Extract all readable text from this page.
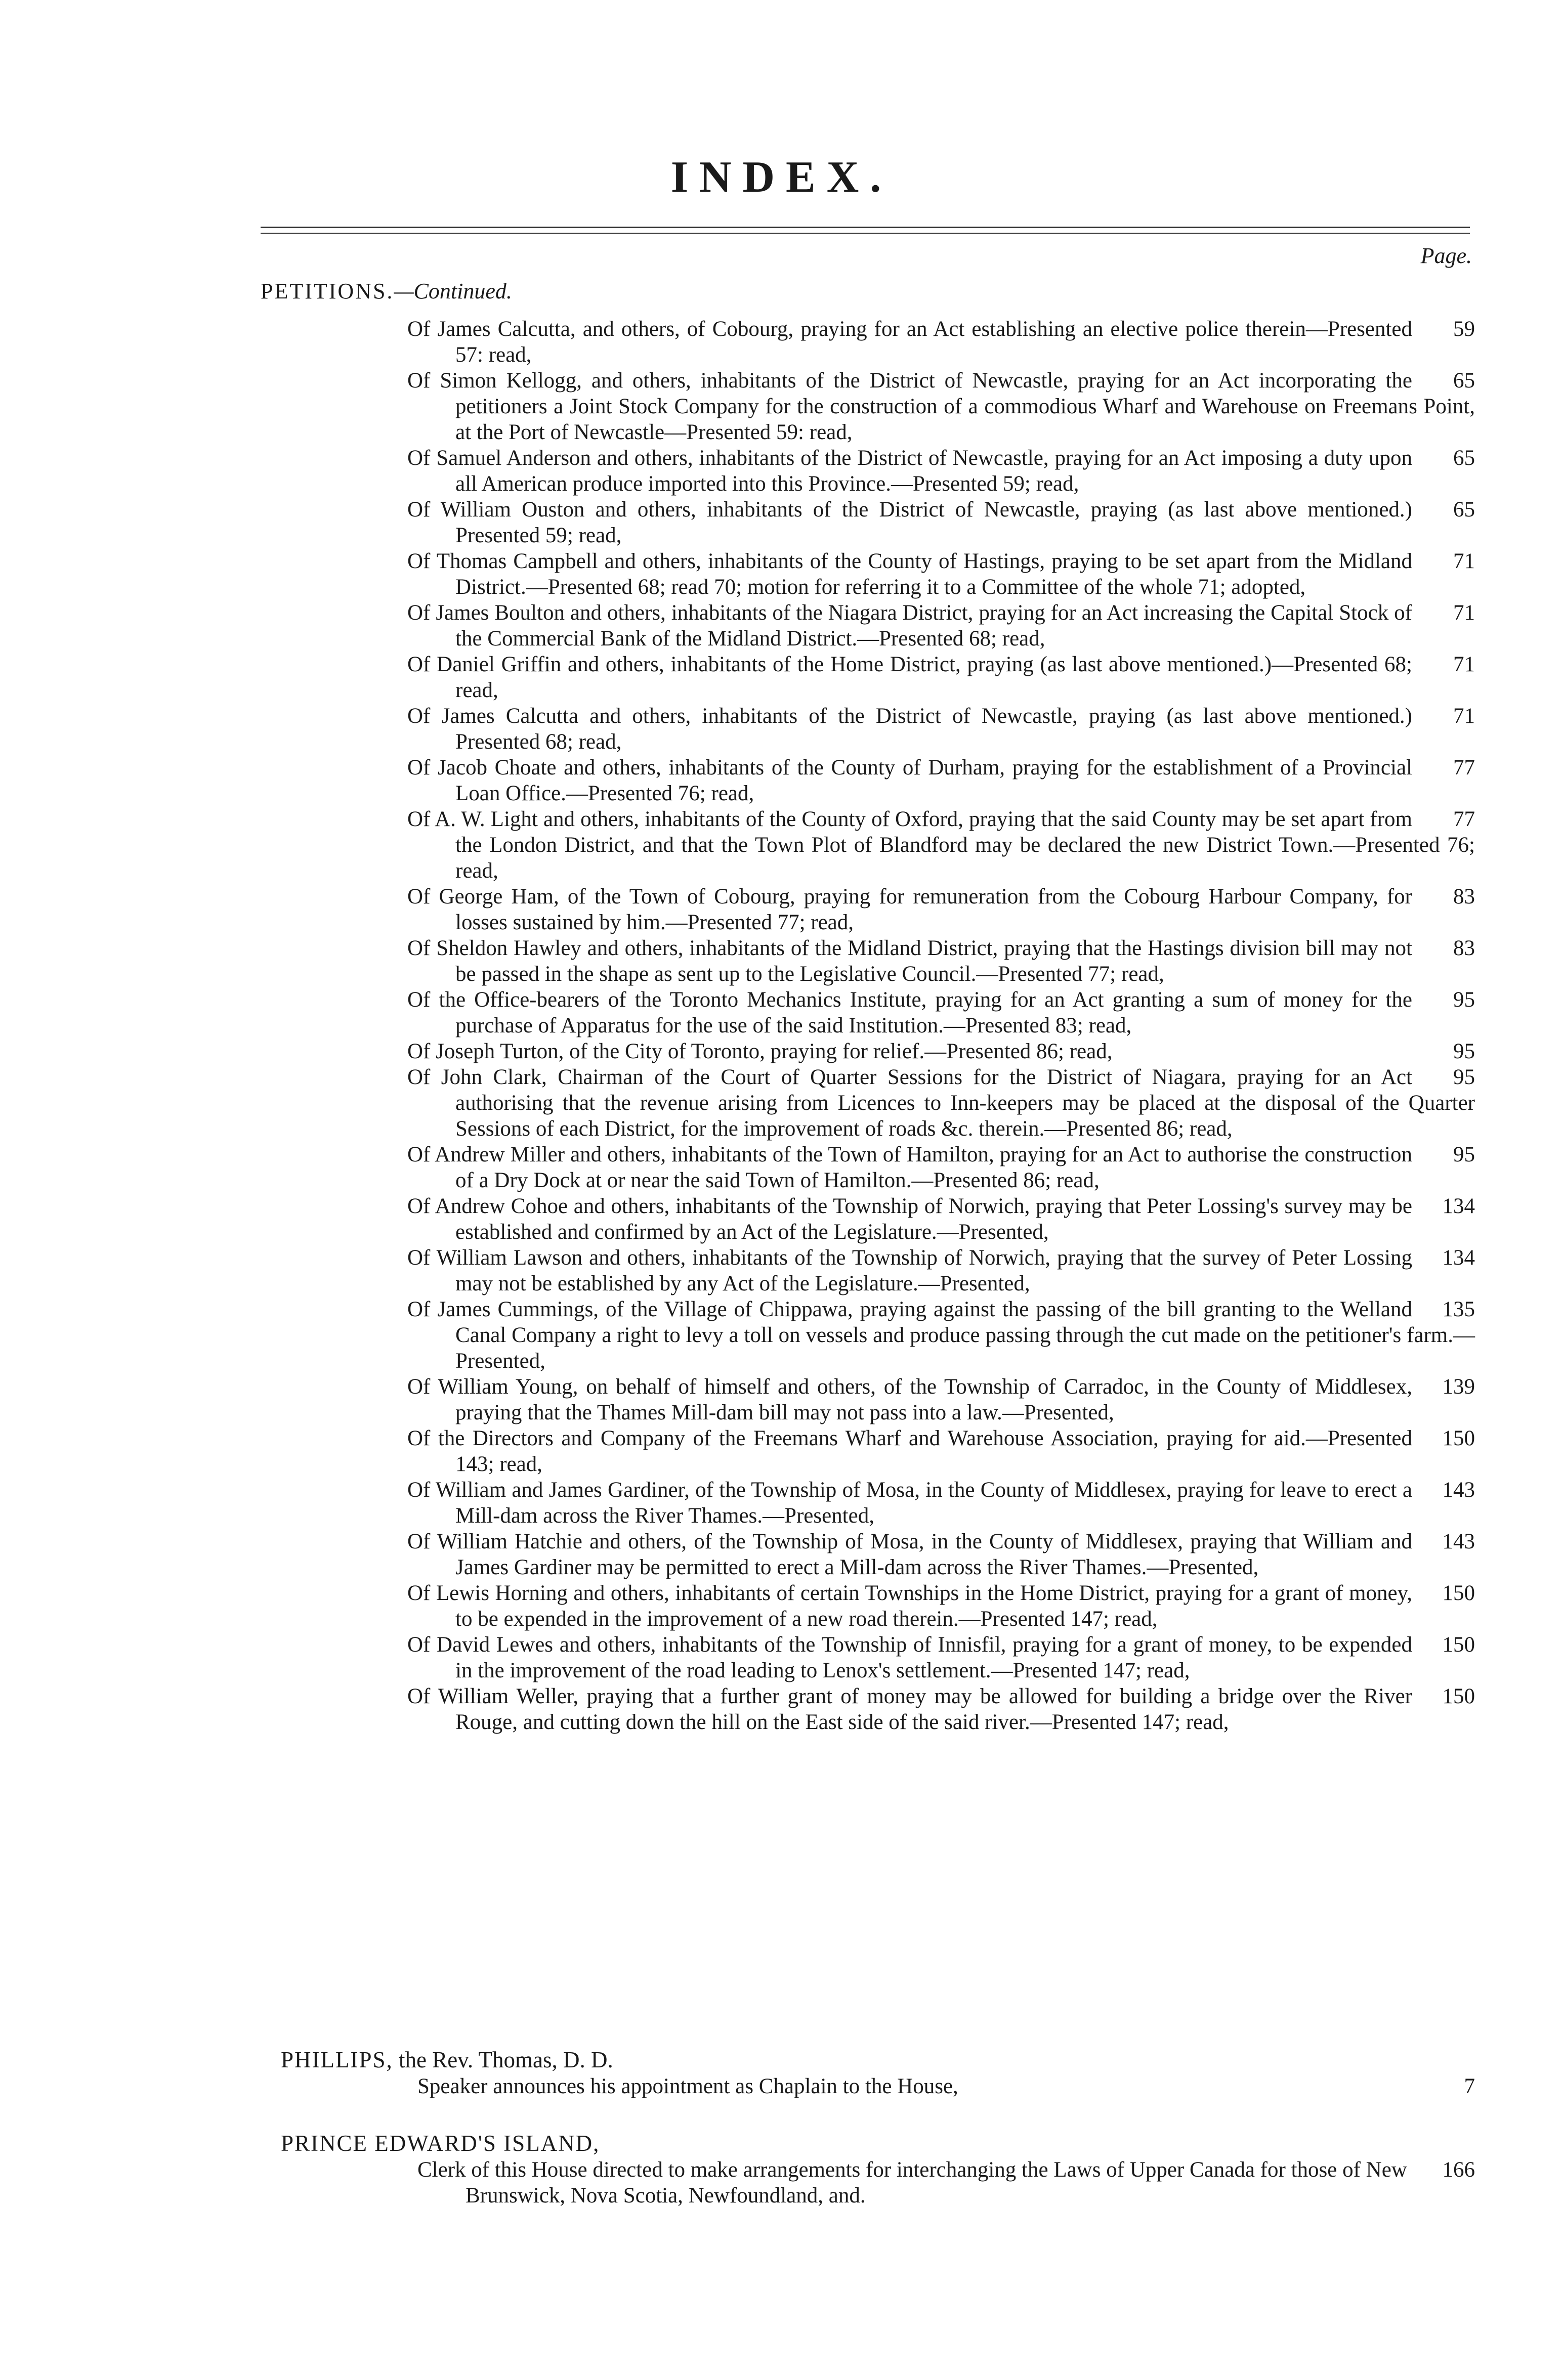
INDEX.
Page.
PETITIONS.—Continued.

59
Of James Calcutta, and others, of Cobourg, praying for an Act establishing an elective police therein—Presented 57: read,

65
Of Simon Kellogg, and others, inhabitants of the District of Newcastle, praying for an Act incorporating the petitioners a Joint Stock Company for the construction of a commodious Wharf and Warehouse on Freemans Point, at the Port of Newcastle—Presented 59: read,

65
Of Samuel Anderson and others, inhabitants of the District of Newcastle, praying for an Act imposing a duty upon all American produce imported into this Province.—Presented 59; read,

65
Of William Ouston and others, inhabitants of the District of Newcastle, praying (as last above mentioned.) Presented 59; read,

71
Of Thomas Campbell and others, inhabitants of the County of Hastings, praying to be set apart from the Midland District.—Presented 68; read 70; motion for referring it to a Committee of the whole 71; adopted,

71
Of James Boulton and others, inhabitants of the Niagara District, praying for an Act increasing the Capital Stock of the Commercial Bank of the Midland District.—Presented 68; read,

71
Of Daniel Griffin and others, inhabitants of the Home District, praying (as last above mentioned.)—Presented 68; read,

71
Of James Calcutta and others, inhabitants of the District of Newcastle, praying (as last above mentioned.) Presented 68; read,

77
Of Jacob Choate and others, inhabitants of the County of Durham, praying for the establishment of a Provincial Loan Office.—Presented 76; read,

77
Of A. W. Light and others, inhabitants of the County of Oxford, praying that the said County may be set apart from the London District, and that the Town Plot of Blandford may be declared the new District Town.—Presented 76; read,

83
Of George Ham, of the Town of Cobourg, praying for remuneration from the Cobourg Harbour Company, for losses sustained by him.—Presented 77; read,

83
Of Sheldon Hawley and others, inhabitants of the Midland District, praying that the Hastings division bill may not be passed in the shape as sent up to the Legislative Council.—Presented 77; read,

95
Of the Office-bearers of the Toronto Mechanics Institute, praying for an Act granting a sum of money for the purchase of Apparatus for the use of the said Institution.—Presented 83; read,

95
Of Joseph Turton, of the City of Toronto, praying for relief.—Presented 86; read,

95
Of John Clark, Chairman of the Court of Quarter Sessions for the District of Niagara, praying for an Act authorising that the revenue arising from Licences to Inn-keepers may be placed at the disposal of the Quarter Sessions of each District, for the improvement of roads &c. therein.—Presented 86; read,

95
Of Andrew Miller and others, inhabitants of the Town of Hamilton, praying for an Act to authorise the construction of a Dry Dock at or near the said Town of Hamilton.—Presented 86; read,

134
Of Andrew Cohoe and others, inhabitants of the Township of Norwich, praying that Peter Lossing's survey may be established and confirmed by an Act of the Legislature.—Presented,

134
Of William Lawson and others, inhabitants of the Township of Norwich, praying that the survey of Peter Lossing may not be established by any Act of the Legislature.—Presented,

135
Of James Cummings, of the Village of Chippawa, praying against the passing of the bill granting to the Welland Canal Company a right to levy a toll on vessels and produce passing through the cut made on the petitioner's farm.—Presented,

139
Of William Young, on behalf of himself and others, of the Township of Carradoc, in the County of Middlesex, praying that the Thames Mill-dam bill may not pass into a law.—Presented,

150
Of the Directors and Company of the Freemans Wharf and Warehouse Association, praying for aid.—Presented 143; read,

143
Of William and James Gardiner, of the Township of Mosa, in the County of Middlesex, praying for leave to erect a Mill-dam across the River Thames.—Presented,

143
Of William Hatchie and others, of the Township of Mosa, in the County of Middlesex, praying that William and James Gardiner may be permitted to erect a Mill-dam across the River Thames.—Presented,

150
Of Lewis Horning and others, inhabitants of certain Townships in the Home District, praying for a grant of money, to be expended in the improvement of a new road therein.—Presented 147; read,

150
Of David Lewes and others, inhabitants of the Township of Innisfil, praying for a grant of money, to be expended in the improvement of the road leading to Lenox's settlement.—Presented 147; read,

150
Of William Weller, praying that a further grant of money may be allowed for building a bridge over the River Rouge, and cutting down the hill on the East side of the said river.—Presented 147; read,

PHILLIPS, the Rev. Thomas, D. D.
7
Speaker announces his appointment as Chaplain to the House,
PRINCE EDWARD'S ISLAND,
166
Clerk of this House directed to make arrangements for interchanging the Laws of Upper Canada for those of New Brunswick, Nova Scotia, Newfoundland, and.
